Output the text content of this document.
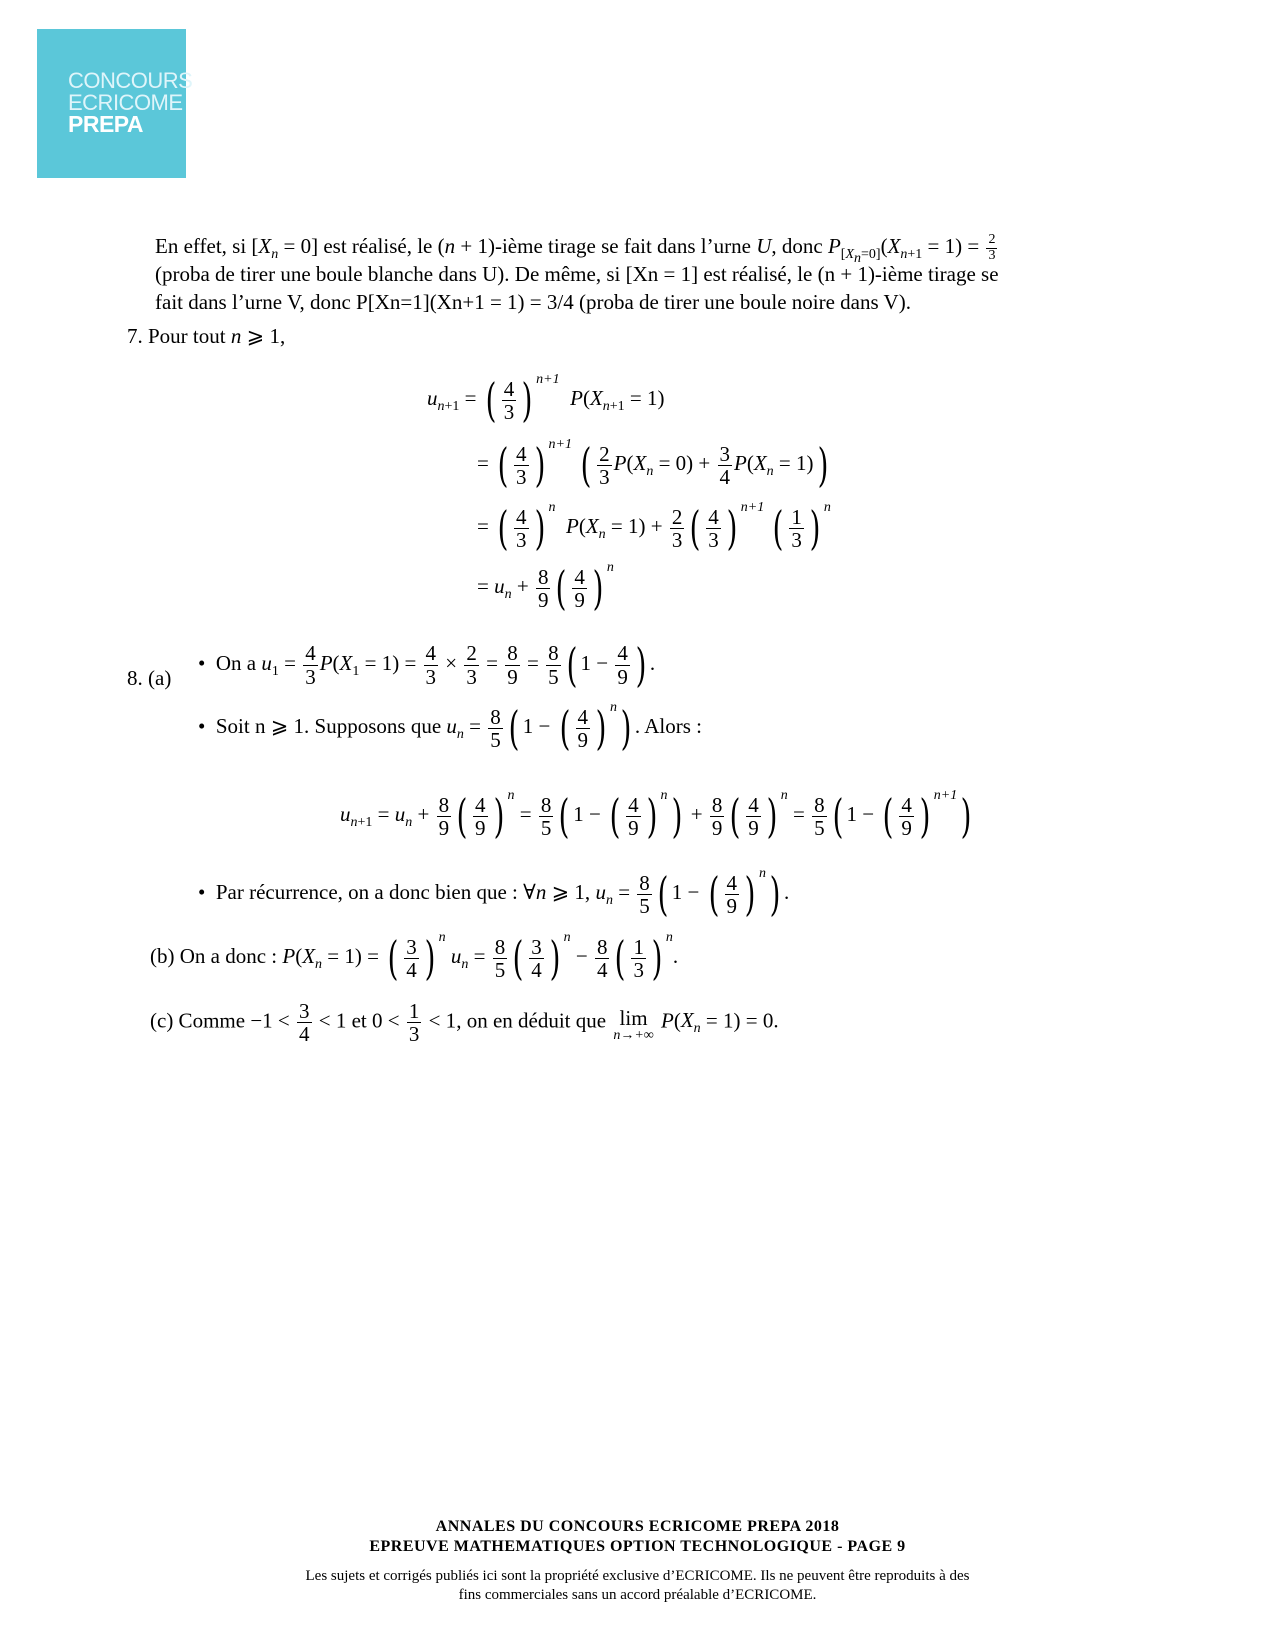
CONCOURS
ECRICOME
PREPA
En effet, si $[X_n = 0]$ est réalisé, le (n + 1)-ième tirage se fait dans l’urne U, donc $P_{[X_n=0]}(X_{n+1} = 1) = \frac{2}{3}$
(proba de tirer une boule blanche dans U). De même, si [Xn = 1] est réalisé, le (n + 1)-ième tirage se
fait dans l’urne V, donc P[Xn=1](Xn+1 = 1) = 3/4 (proba de tirer une boule noire dans V).
7. Pour tout n ⩾ 1,
$u_{n+1}$ = ( $\frac{4}{3}$ ) $^{n+1}$  $P(X_{n+1} = 1)$
= ( $\frac{4}{3}$ ) $^{n+1}$ ( $\frac{2}{3} P(X_n = 0) + \frac{3}{4} P(X_n = 1)$)
= ( $\frac{4}{3}$ ) $^n$  $P(X_n = 1) + \frac{2}{3}$ ( $\frac{4}{3}$ ) $^{n+1}$ ( $\frac{1}{3}$ ) $^n$
= $u_n + \frac{8}{9}$ ( $\frac{4}{9}$ ) $^n$
8. (a)
•  On a $u_1 = \frac{4}{3} P(X_1 = 1) = \frac{4}{3} \times \frac{2}{3} = \frac{8}{9} = \frac{8}{5}$ ( $1 - \frac{4}{9}$ ) .
•  Soit n ⩾ 1. Supposons que $u_n = \frac{8}{5}$ ( 1 − ( $\frac{4}{9}$ ) $^n$) . Alors :
$u_{n+1} = u_n + \frac{8}{9}$ ( $\frac{4}{9}$ ) $^n = \frac{8}{5}$ ( 1 − ( $\frac{4}{9}$ ) $^n) + \frac{8}{9}$ ( $\frac{4}{9}$ ) $^n = \frac{8}{5}$ ( 1 − ( $\frac{4}{9}$ ) $^{n+1}$)
•  Par récurrence, on a donc bien que : ∀n ⩾ 1, $u_n = \frac{8}{5}$ ( 1 − ( $\frac{4}{9}$ ) $^n$) .
(b) On a donc : $P(X_n = 1)$ = ( $\frac{3}{4}$ ) $^n$ $u_n = \frac{8}{5}$ ( $\frac{3}{4}$ ) $^n - \frac{8}{4}$ ( $\frac{1}{3}$ ) $^n$.
(c) Comme $-1 < \frac{3}{4} < 1$ et $0 < \frac{1}{3} < 1$, on en déduit que lim
n→+∞
$P(X_n = 1) = 0$.
ANNALES DU CONCOURS ECRICOME PREPA 2018
EPREUVE MATHEMATIQUES OPTION TECHNOLOGIQUE - PAGE 9
Les sujets et corrigés publiés ici sont la propriété exclusive d’ECRICOME. Ils ne peuvent être reproduits à des
fins commerciales sans un accord préalable d’ECRICOME.
